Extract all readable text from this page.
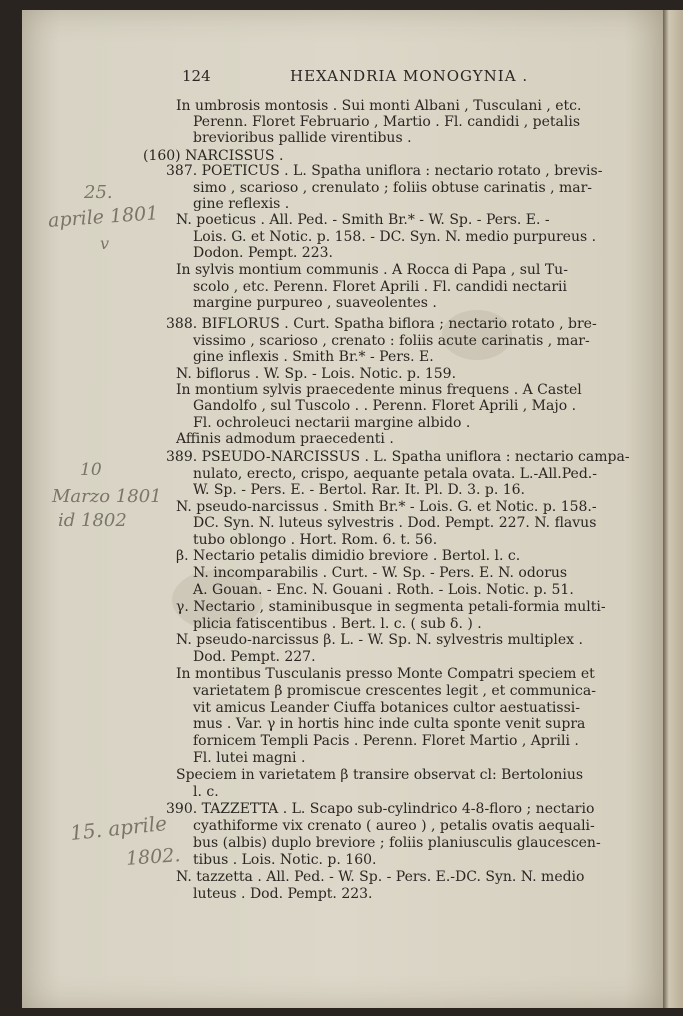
124	HEXANDRIA MONOGYNIA .
In umbrosis montosis . Sui monti Albani , Tusculani , etc.
Perenn. Floret Februario , Martio . Fl. candidi , petalis
brevioribus pallide virentibus .
(160) NARCISSUS .
387. POETICUS . L. Spatha uniflora : nectario rotato , brevis-
simo , scarioso , crenulato ; foliis obtuse carinatis , mar-
gine reflexis .
N. poeticus . All. Ped. - Smith Br.* - W. Sp. - Pers. E. -
Lois. G. et Notic. p. 158. - DC. Syn. N. medio purpureus .
Dodon. Pempt. 223.
In sylvis montium communis . A Rocca di Papa , sul Tu-
scolo , etc. Perenn. Floret Aprili . Fl. candidi nectarii
margine purpureo , suaveolentes .
388. BIFLORUS . Curt. Spatha biflora ; nectario rotato , bre-
vissimo , scarioso , crenato : foliis acute carinatis , mar-
gine inflexis . Smith Br.* - Pers. E.
N. biflorus . W. Sp. - Lois. Notic. p. 159.
In montium sylvis praecedente minus frequens . A Castel
Gandolfo , sul Tuscolo . . Perenn. Floret Aprili , Majo .
Fl. ochroleuci nectarii margine albido .
Affinis admodum praecedenti .
389. PSEUDO-NARCISSUS . L. Spatha uniflora : nectario campa-
nulato, erecto, crispo, aequante petala ovata. L.-All.Ped.-
W. Sp. - Pers. E. - Bertol. Rar. It. Pl. D. 3. p. 16.
N. pseudo-narcissus . Smith Br.* - Lois. G. et Notic. p. 158.-
DC. Syn. N. luteus sylvestris . Dod. Pempt. 227. N. flavus
tubo oblongo . Hort. Rom. 6. t. 56.
β. Nectario petalis dimidio breviore . Bertol. l. c.
N. incomparabilis . Curt. - W. Sp. - Pers. E. N. odorus
A. Gouan. - Enc. N. Gouani . Roth. - Lois. Notic. p. 51.
γ. Nectario , staminibusque in segmenta petali-formia multi-
plicia fatiscentibus . Bert. l. c. ( sub δ. ) .
N. pseudo-narcissus β. L. - W. Sp. N. sylvestris multiplex .
Dod. Pempt. 227.
In montibus Tusculanis presso Monte Compatri speciem et
varietatem β promiscue crescentes legit , et communica-
vit amicus Leander Ciuffa botanices cultor aestuatissi-
mus . Var. γ in hortis hinc inde culta sponte venit supra
fornicem Templi Pacis . Perenn. Floret Martio , Aprili .
Fl. lutei magni .
Speciem in varietatem β transire observat cl: Bertolonius
l. c.
390. TAZZETTA . L. Scapo sub-cylindrico 4-8-floro ; nectario
cyathiforme vix crenato ( aureo ) , petalis ovatis aequali-
bus (albis) duplo breviore ; foliis planiusculis glaucescen-
tibus . Lois. Notic. p. 160.
N. tazzetta . All. Ped. - W. Sp. - Pers. E.-DC. Syn. N. medio
luteus . Dod. Pempt. 223.
25.
aprile 1801
v
10
Marzo 1801
id 1802
15. aprile
1802.
